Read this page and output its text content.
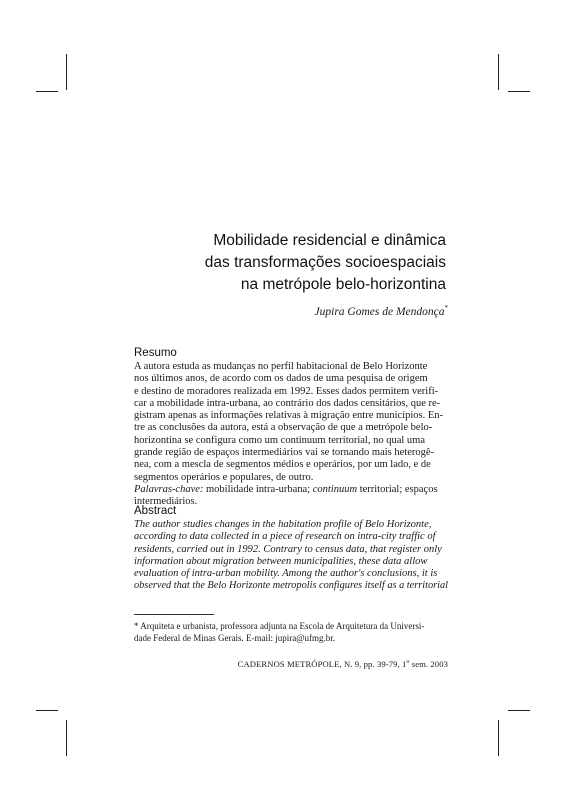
Mobilidade residencial e dinâmica
das transformações socioespaciais
na metrópole belo-horizontina
Jupira Gomes de Mendonça*
Resumo
A autora estuda as mudanças no perfil habitacional de Belo Horizonte
nos últimos anos, de acordo com os dados de uma pesquisa de origem
e destino de moradores realizada em 1992. Esses dados permitem verifi-
car a mobilidade intra-urbana, ao contrário dos dados censitários, que re-
gistram apenas as informações relativas à migração entre municípios. En-
tre as conclusões da autora, está a observação de que a metrópole belo-
horizontina se configura como um continuum territorial, no qual uma
grande região de espaços intermediários vai se tornando mais heterogê-
nea, com a mescla de segmentos médios e operários, por um lado, e de
segmentos operários e populares, de outro.
Palavras-chave: mobilidade intra-urbana; continuum territorial; espaços
intermediários.
Abstract
The author studies changes in the habitation profile of Belo Horizonte,
according to data collected in a piece of research on intra-city traffic of
residents, carried out in 1992. Contrary to census data, that register only
information about migration between municipalities, these data allow
evaluation of intra-urban mobility. Among the author's conclusions, it is
observed that the Belo Horizonte metropolis configures itself as a territorial
* Arquiteta e urbanista, professora adjunta na Escola de Arquitetura da Universi-
dade Federal de Minas Gerais. E-mail: jupira@ufmg.br.
CADERNOS METRÓPOLE, N. 9, pp. 39-79, 1$^o$ sem. 2003
